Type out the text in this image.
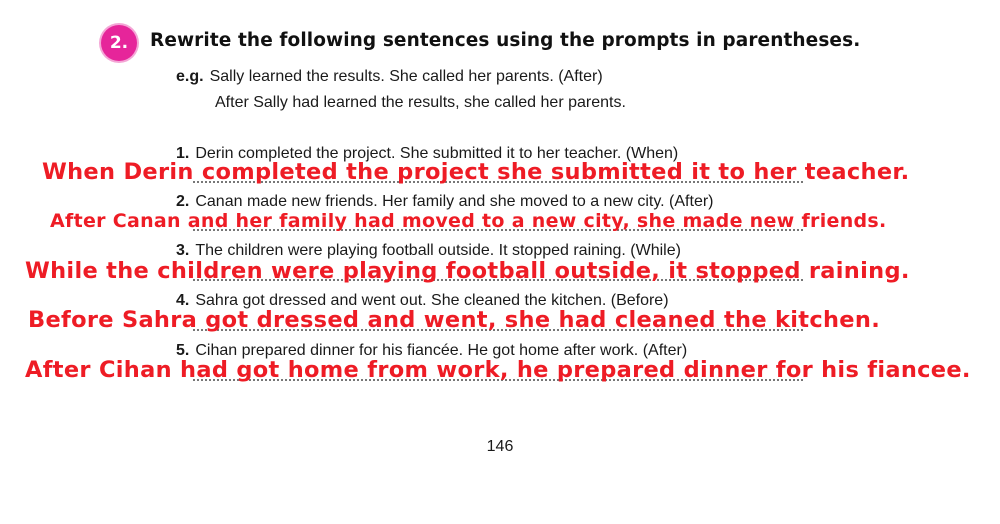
2.	Rewrite the following sentences using the prompts in parentheses.
e.g. Sally learned the results. She called her parents. (After)
After Sally had learned the results, she called her parents.
1. Derin completed the project. She submitted it to her teacher. (When)
When Derin completed the project she submitted it to her teacher.
2. Canan made new friends. Her family and she moved to a new city. (After)
After Canan and her family had moved to a new city, she made new friends.
3. The children were playing football outside. It stopped raining. (While)
While the children were playing football outside, it stopped raining.
4. Sahra got dressed and went out. She cleaned the kitchen. (Before)
Before Sahra got dressed and went, she had cleaned the kitchen.
5. Cihan prepared dinner for his fiancée. He got home after work. (After)
After Cihan had got home from work, he prepared dinner for his fiancee.
146
